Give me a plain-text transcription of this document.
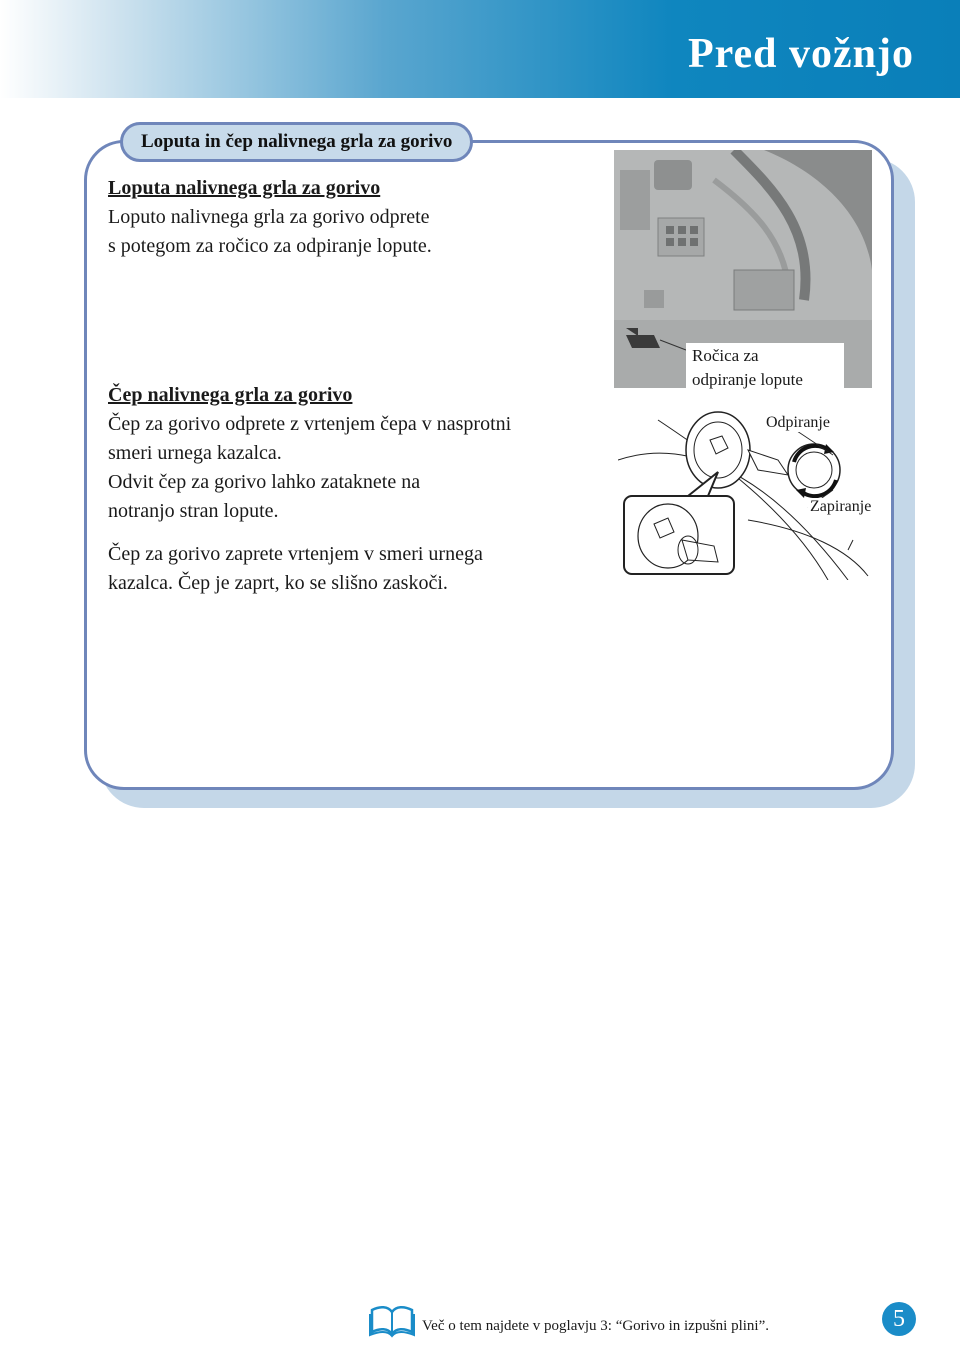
Pred vožnjo
Loputa in čep nalivnega grla za gorivo
Loputa nalivnega grla za gorivo

Loputo nalivnega grla za gorivo odprete

s potegom za ročico za odpiranje lopute.

Ročica za
odpiranje lopute
Čep nalivnega grla za gorivo

Čep za gorivo odprete z vrtenjem čepa v nasprotni

smeri urnega kazalca.

Odvit čep za gorivo lahko zataknete na

notranjo stran lopute.

Čep za gorivo zaprete vrtenjem v smeri urnega

kazalca. Čep je zaprt, ko se slišno zaskoči.

Odpiranje
Zapiranje
Več o tem najdete v poglavju 3: “Gorivo in izpušni plini”.	5
